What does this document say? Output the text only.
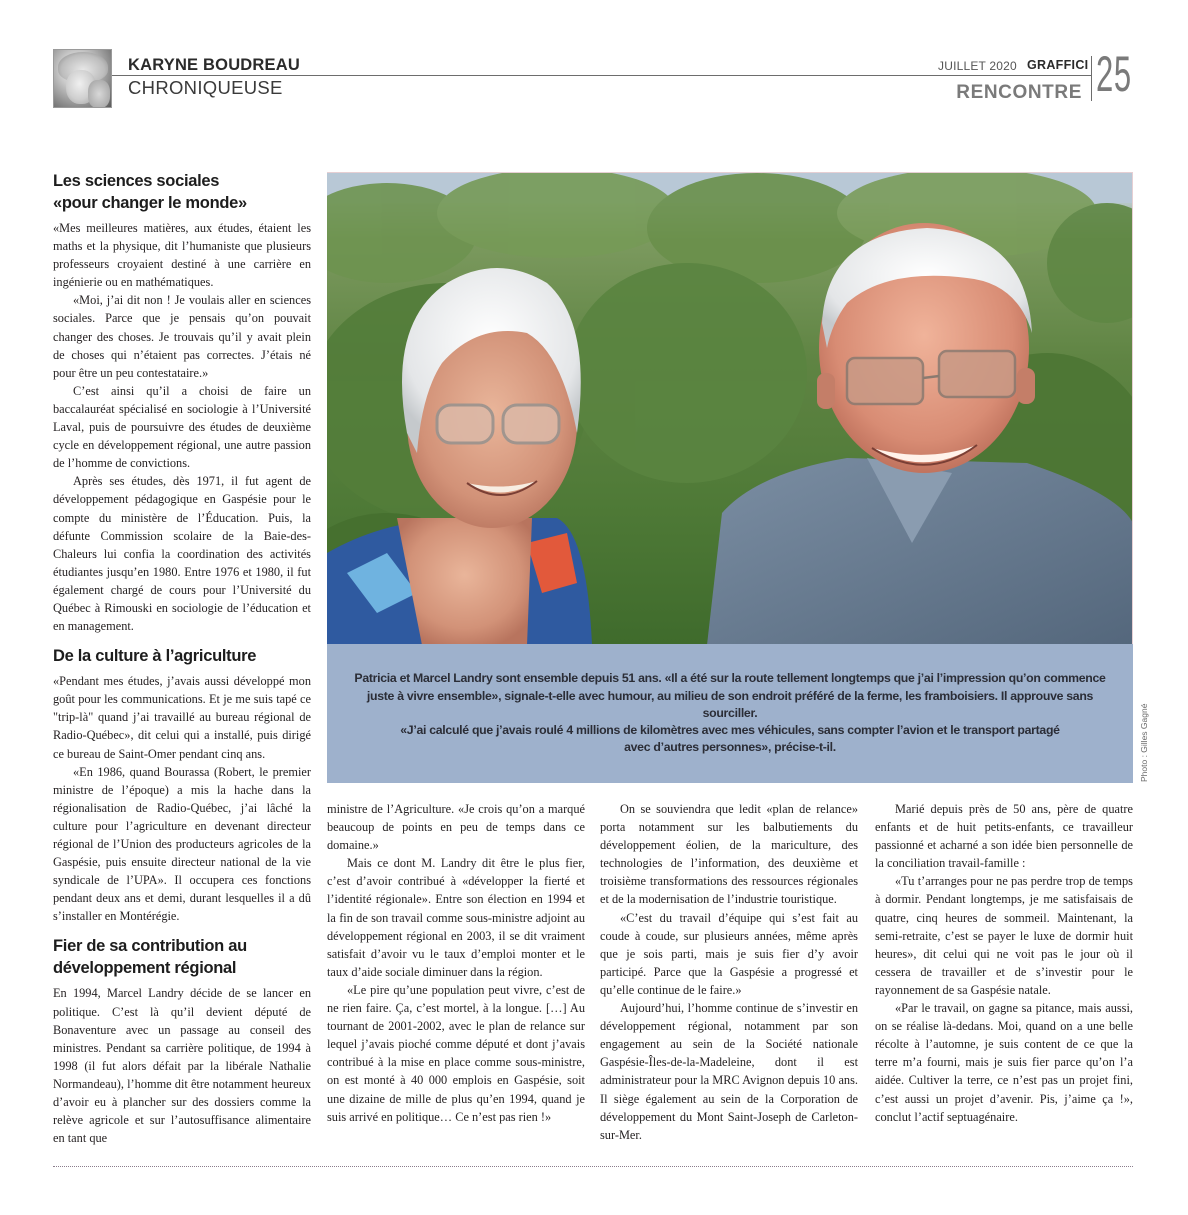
KARYNE BOUDREAU
CHRONIQUEUSE
JUILLET 2020 GRAFFICI
RENCONTRE 25
Les sciences sociales
«pour changer le monde»

«Mes meilleures matières, aux études, étaient les maths et la physique, dit l’humaniste que plusieurs professeurs croyaient destiné à une carrière en ingénierie ou en mathématiques.

«Moi, j’ai dit non ! Je voulais aller en sciences sociales. Parce que je pensais qu’on pouvait changer des choses. Je trouvais qu’il y avait plein de choses qui n’étaient pas correctes. J’étais né pour être un peu contestataire.»

C’est ainsi qu’il a choisi de faire un baccalauréat spécialisé en sociologie à l’Université Laval, puis de poursuivre des études de deuxième cycle en développement régional, une autre passion de l’homme de convictions.

Après ses études, dès 1971, il fut agent de développement pédagogique en Gaspésie pour le compte du ministère de l’Éducation. Puis, la défunte Commission scolaire de la Baie-des-Chaleurs lui confia la coordination des activités étudiantes jusqu’en 1980. Entre 1976 et 1980, il fut également chargé de cours pour l’Université du Québec à Rimouski en sociologie de l’éducation et en management.

De la culture à l’agriculture

«Pendant mes études, j’avais aussi développé mon goût pour les communications. Et je me suis tapé ce "trip-là" quand j’ai travaillé au bureau régional de Radio-Québec», dit celui qui a installé, puis dirigé ce bureau de Saint-Omer pendant cinq ans.

«En 1986, quand Bourassa (Robert, le premier ministre de l’époque) a mis la hache dans la régionalisation de Radio-Québec, j’ai lâché la culture pour l’agriculture en devenant directeur régional de l’Union des producteurs agricoles de la Gaspésie, puis ensuite directeur national de la vie syndicale de l’UPA». Il occupera ces fonctions pendant deux ans et demi, durant lesquelles il a dû s’installer en Montérégie.

Fier de sa contribution au
développement régional

En 1994, Marcel Landry décide de se lancer en politique. C’est là qu’il devient député de Bonaventure avec un passage au conseil des ministres. Pendant sa carrière politique, de 1994 à 1998 (il fut alors défait par la libérale Nathalie Normandeau), l’homme dit être notamment heureux d’avoir eu à plancher sur des dossiers comme la relève agricole et sur l’autosuffisance alimentaire en tant que

Patricia et Marcel Landry sont ensemble depuis 51 ans. «Il a été sur la route tellement longtemps que j’ai l’impression qu’on commence
juste à vivre ensemble», signale-t-elle avec humour, au milieu de son endroit préféré de la ferme, les framboisiers. Il approuve sans sourciller.
«J’ai calculé que j’avais roulé 4 millions de kilomètres avec mes véhicules, sans compter l’avion et le transport partagé
avec d’autres personnes», précise-t-il.	Photo : Gilles Gagné

ministre de l’Agriculture. «Je crois qu’on a marqué beaucoup de points en peu de temps dans ce domaine.»

Mais ce dont M. Landry dit être le plus fier, c’est d’avoir contribué à «développer la fierté et l’identité régionale». Entre son élection en 1994 et la fin de son travail comme sous-ministre adjoint au développement régional en 2003, il se dit vraiment satisfait d’avoir vu le taux d’emploi monter et le taux d’aide sociale diminuer dans la région.

«Le pire qu’une population peut vivre, c’est de ne rien faire. Ça, c’est mortel, à la longue. […] Au tournant de 2001-2002, avec le plan de relance sur lequel j’avais pioché comme député et dont j’avais contribué à la mise en place comme sous-ministre, on est monté à 40 000 emplois en Gaspésie, soit une dizaine de mille de plus qu’en 1994, quand je suis arrivé en politique… Ce n’est pas rien !»

On se souviendra que ledit «plan de relance» porta notamment sur les balbutiements du développement éolien, de la mariculture, des technologies de l’information, des deuxième et troisième transformations des ressources régionales et de la modernisation de l’industrie touristique.

«C’est du travail d’équipe qui s’est fait au coude à coude, sur plusieurs années, même après que je sois parti, mais je suis fier d’y avoir participé. Parce que la Gaspésie a progressé et qu’elle continue de le faire.»

Aujourd’hui, l’homme continue de s’investir en développement régional, notamment par son engagement au sein de la Société nationale Gaspésie-Îles-de-la-Madeleine, dont il est administrateur pour la MRC Avignon depuis 10 ans. Il siège également au sein de la Corporation de développement du Mont Saint-Joseph de Carleton-sur-Mer.

Marié depuis près de 50 ans, père de quatre enfants et de huit petits-enfants, ce travailleur passionné et acharné a son idée bien personnelle de la conciliation travail-famille :

«Tu t’arranges pour ne pas perdre trop de temps à dormir. Pendant longtemps, je me satisfaisais de quatre, cinq heures de sommeil. Maintenant, la semi-retraite, c’est se payer le luxe de dormir huit heures», dit celui qui ne voit pas le jour où il cessera de travailler et de s’investir pour le rayonnement de sa Gaspésie natale.

«Par le travail, on gagne sa pitance, mais aussi, on se réalise là-dedans. Moi, quand on a une belle récolte à l’automne, je suis content de ce que la terre m’a fourni, mais je suis fier parce qu’on l’a aidée. Cultiver la terre, ce n’est pas un projet fini, c’est aussi un projet d’avenir. Pis, j’aime ça !», conclut l’actif septuagénaire.
